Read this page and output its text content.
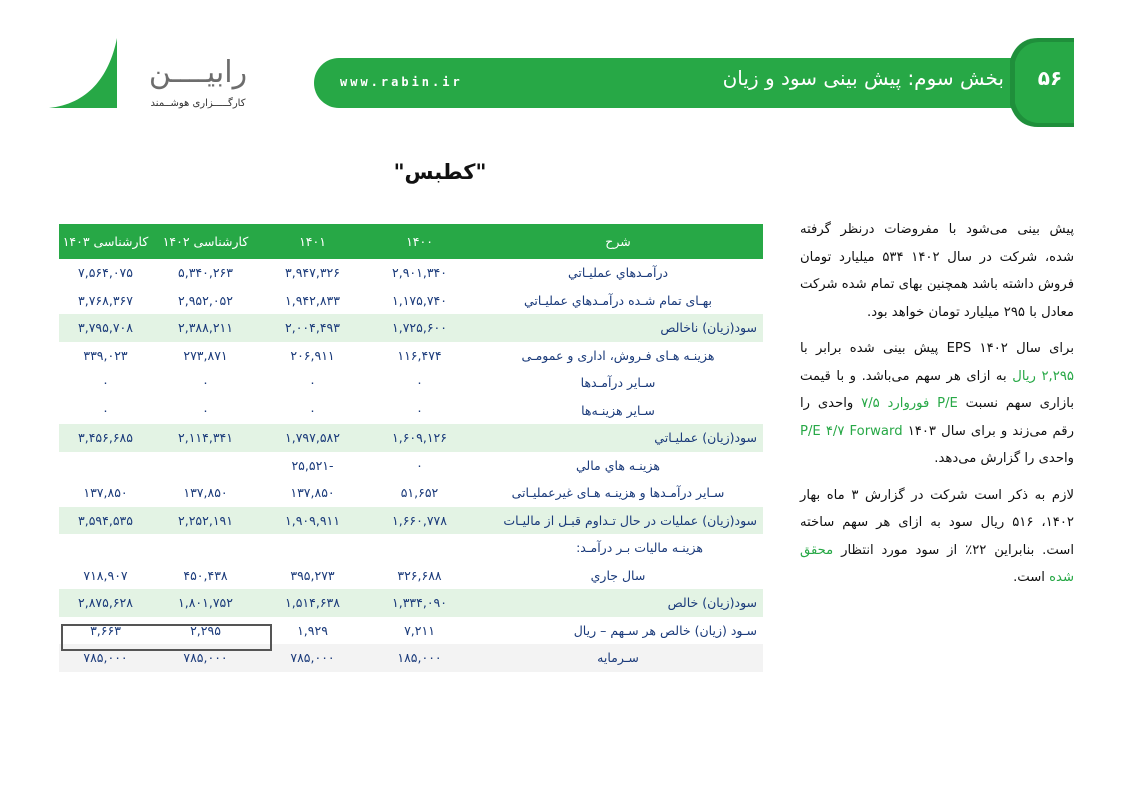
رابیــــن
کارگـــــزاری هوشــمند
www.rabin.ir	بخش سوم: پیش بینی سود و زیان	۵۶
"کطبس"
شرح	۱۴۰۰	۱۴۰۱	کارشناسی ۱۴۰۲	کارشناسی ۱۴۰۳
درآمـدهاي عمليـاتي	۲,۹۰۱,۳۴۰	۳,۹۴۷,۳۲۶	۵,۳۴۰,۲۶۳	۷,۵۶۴,۰۷۵
بهـای تمام شـده درآمـدهاي عمليـاتي	۱,۱۷۵,۷۴۰	۱,۹۴۲,۸۳۳	۲,۹۵۲,۰۵۲	۳,۷۶۸,۳۶۷
سود(زيان) ناخالص	۱,۷۲۵,۶۰۰	۲,۰۰۴,۴۹۳	۲,۳۸۸,۲۱۱	۳,۷۹۵,۷۰۸
هزینـه هـای فـروش، اداری و عمومـی	۱۱۶,۴۷۴	۲۰۶,۹۱۱	۲۷۳,۸۷۱	۳۳۹,۰۲۳
سـاير درآمـدها	۰	۰	۰	۰
سـاير هزينـه‌ها	۰	۰	۰	۰
سود(زيان) عمليـاتي	۱,۶۰۹,۱۲۶	۱,۷۹۷,۵۸۲	۲,۱۱۴,۳۴۱	۳,۴۵۶,۶۸۵
هزينـه هاي مالي	۰	-۲۵,۵۲۱		
سـاير درآمـدها و هزینـه هـای غیرعملیـاتی	۵۱,۶۵۲	۱۳۷,۸۵۰	۱۳۷,۸۵۰	۱۳۷,۸۵۰
سود(زيان) عمليات در حال تـداوم قبـل از ماليـات	۱,۶۶۰,۷۷۸	۱,۹۰۹,۹۱۱	۲,۲۵۲,۱۹۱	۳,۵۹۴,۵۳۵
هزينـه ماليات بـر درآمـد:				
سال جاري	۳۲۶,۶۸۸	۳۹۵,۲۷۳	۴۵۰,۴۳۸	۷۱۸,۹۰۷
سود(زيان) خالص	۱,۳۳۴,۰۹۰	۱,۵۱۴,۶۳۸	۱,۸۰۱,۷۵۲	۲,۸۷۵,۶۲۸
سـود (زيان) خالص هر سـهم – ريال	۷,۲۱۱	۱,۹۲۹	۲,۲۹۵	۳,۶۶۳
سـرمايه	۱۸۵,۰۰۰	۷۸۵,۰۰۰	۷۸۵,۰۰۰	۷۸۵,۰۰۰

پیش بینی می‌شود با مفروضات درنظر گرفته شده، شرکت در سال ۱۴۰۲ ۵۳۴ میلیارد تومان فروش داشته باشد همچنین بهای تمام شده شرکت معادل با ۲۹۵ میلیارد تومان خواهد بود.

برای سال ۱۴۰۲ EPS پیش بینی شده برابر با ۲,۲۹۵ ریال به ازای هر سهم می‌باشد. و با قیمت بازاری سهم نسبت P/E فوروارد ۷/۵ واحدی را رقم می‌زند و برای سال ۱۴۰۳ P/E ۴/۷ Forward واحدی را گزارش می‌دهد.

لازم به ذکر است شرکت در گزارش ۳ ماه بهار ۱۴۰۲، ۵۱۶ ریال سود به ازای هر سهم ساخته است. بنابراین ۲۲٪ از سود مورد انتظار محقق شده است.
